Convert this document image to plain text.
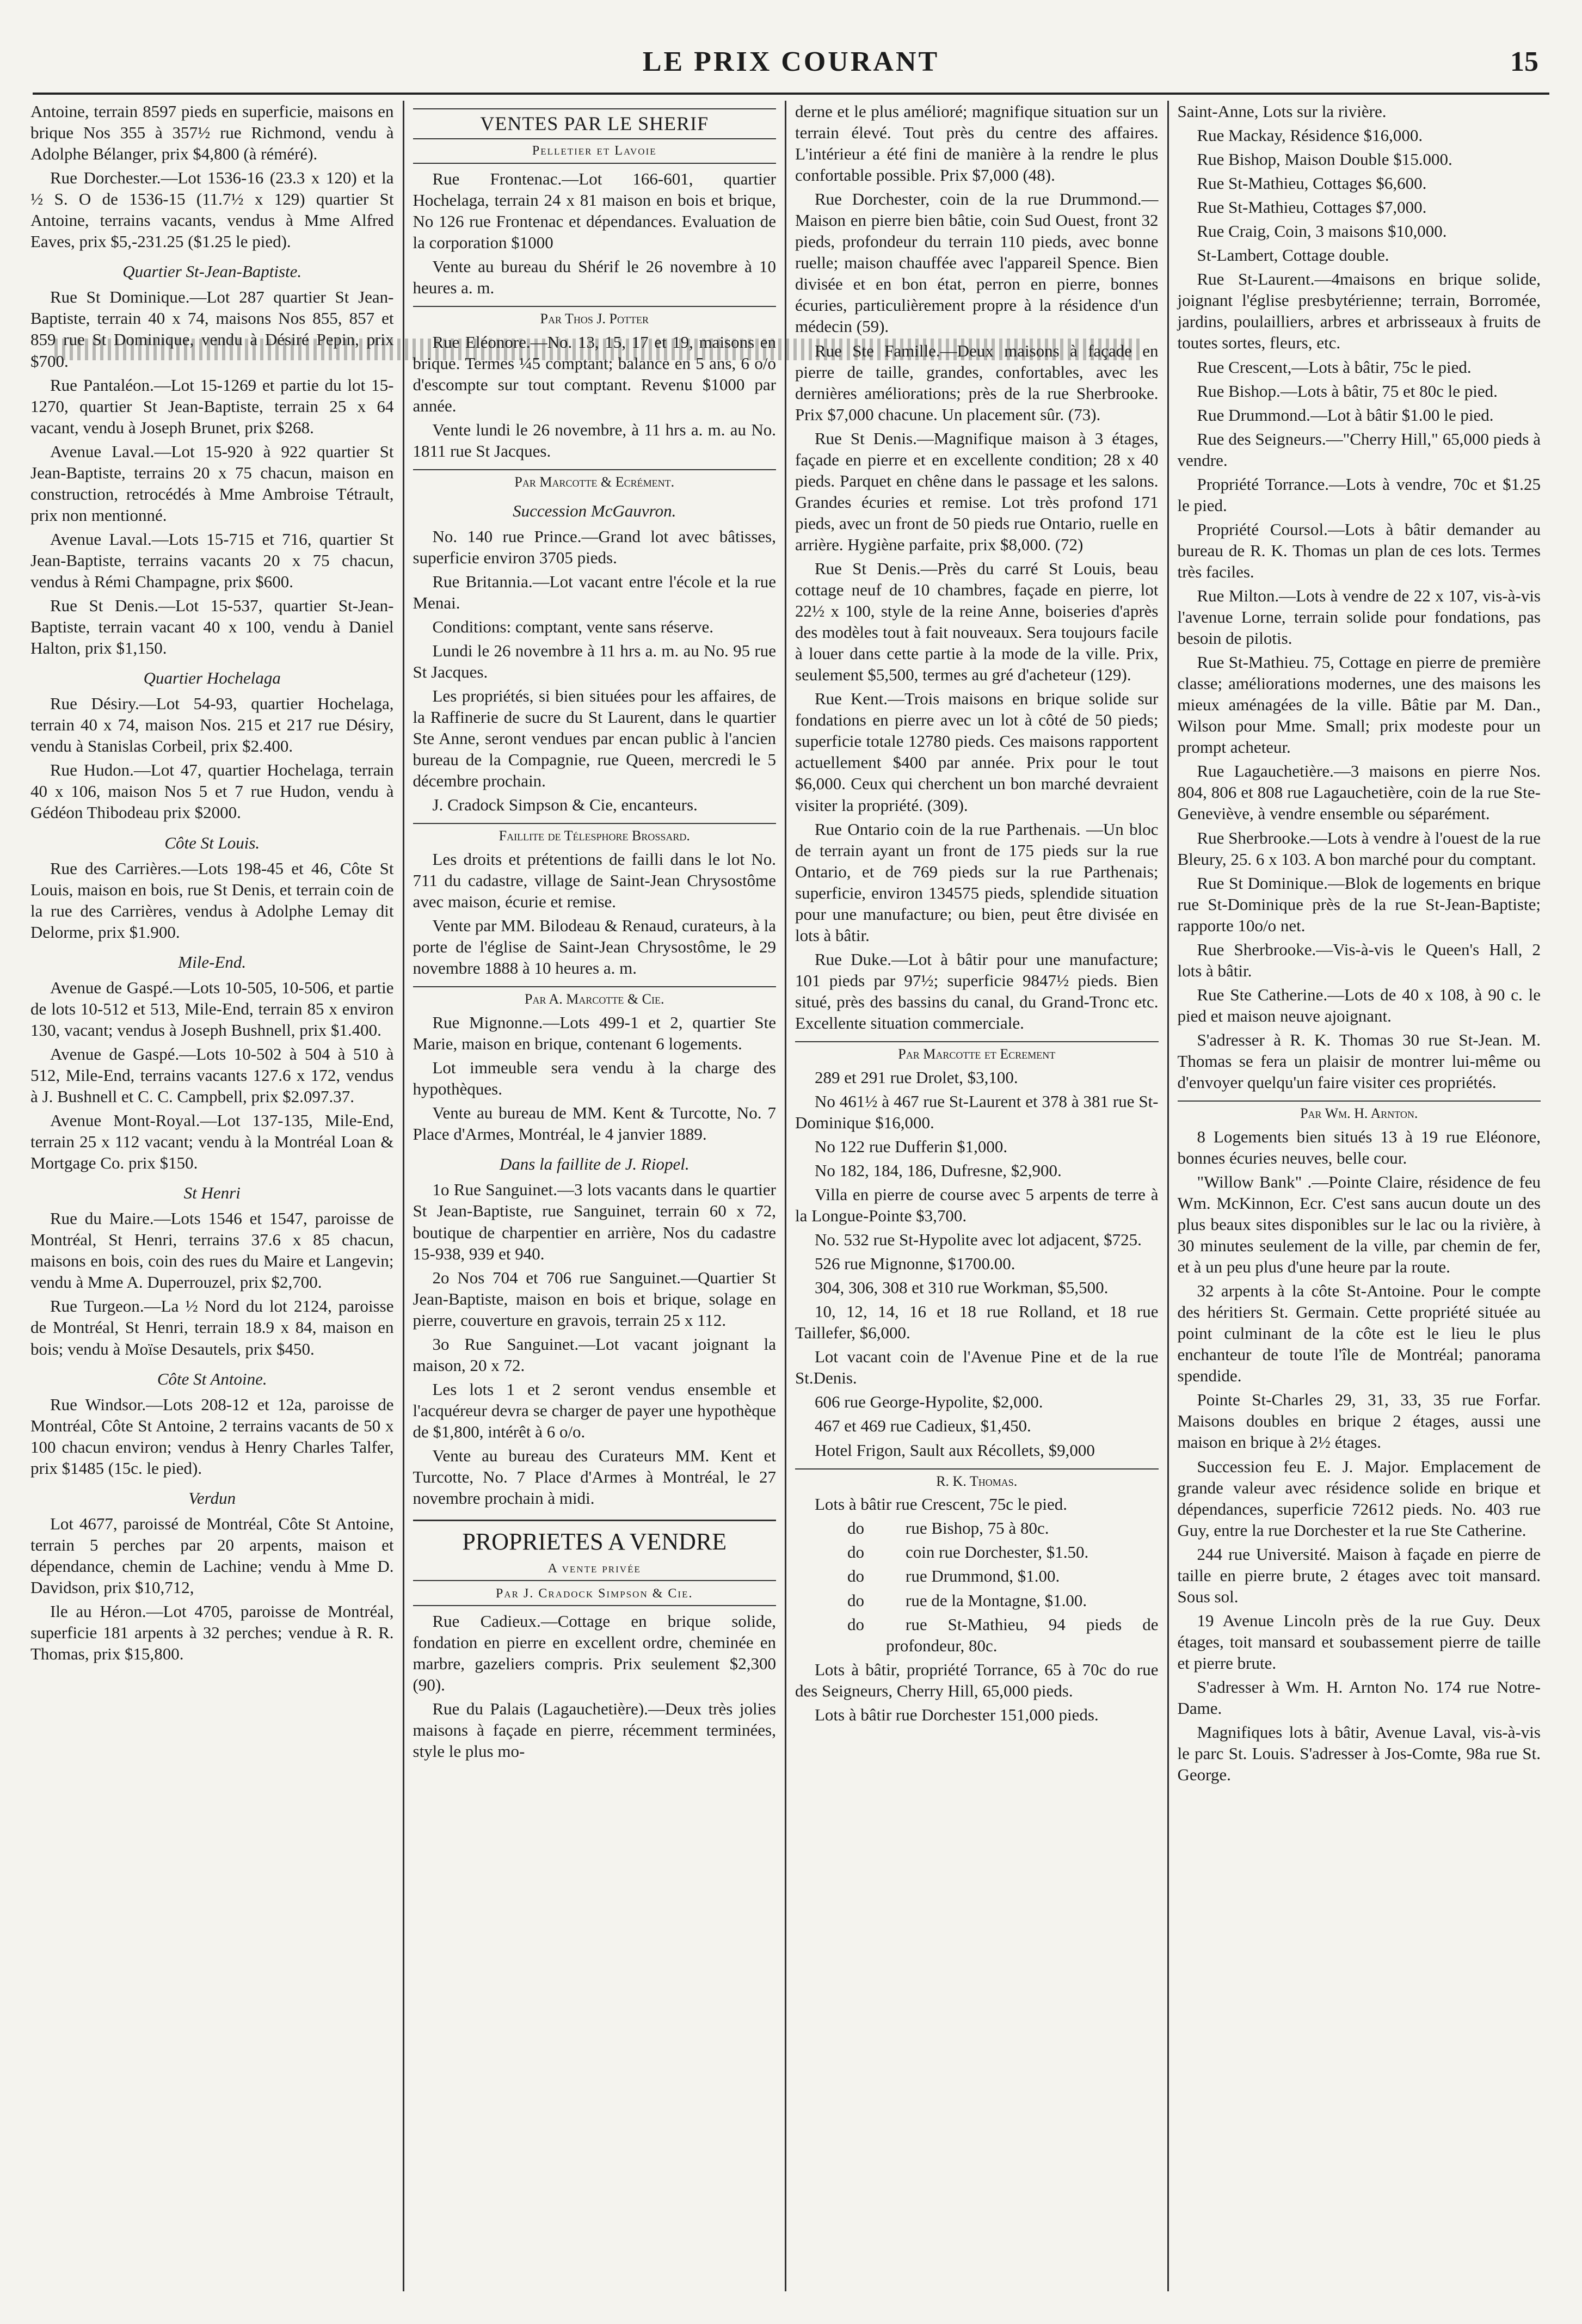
LE PRIX COURANT	15

Antoine, terrain 8597 pieds en superficie, maisons en brique Nos 355 à 357½ rue Richmond, vendu à Adolphe Bélanger, prix $4,800 (à réméré).

Rue Dorchester.—Lot 1536-16 (23.3 x 120) et la ½ S. O de 1536-15 (11.7½ x 129) quartier St Antoine, terrains vacants, vendus à Mme Alfred Eaves, prix $5,-231.25 ($1.25 le pied).

Quartier St-Jean-Baptiste.

Rue St Dominique.—Lot 287 quartier St Jean-Baptiste, terrain 40 x 74, maisons Nos 855, 857 et 859 rue St Dominique, vendu à Désiré Pepin, prix $700.

Rue Pantaléon.—Lot 15-1269 et partie du lot 15-1270, quartier St Jean-Baptiste, terrain 25 x 64 vacant, vendu à Joseph Brunet, prix $268.

Avenue Laval.—Lot 15-920 à 922 quartier St Jean-Baptiste, terrains 20 x 75 chacun, maison en construction, retrocédés à Mme Ambroise Tétrault, prix non mentionné.

Avenue Laval.—Lots 15-715 et 716, quartier St Jean-Baptiste, terrains vacants 20 x 75 chacun, vendus à Rémi Champagne, prix $600.

Rue St Denis.—Lot 15-537, quartier St-Jean-Baptiste, terrain vacant 40 x 100, vendu à Daniel Halton, prix $1,150.

Quartier Hochelaga

Rue Désiry.—Lot 54-93, quartier Hochelaga, terrain 40 x 74, maison Nos. 215 et 217 rue Désiry, vendu à Stanislas Corbeil, prix $2.400.

Rue Hudon.—Lot 47, quartier Hochelaga, terrain 40 x 106, maison Nos 5 et 7 rue Hudon, vendu à Gédéon Thibodeau prix $2000.

Côte St Louis.

Rue des Carrières.—Lots 198-45 et 46, Côte St Louis, maison en bois, rue St Denis, et terrain coin de la rue des Carrières, vendus à Adolphe Lemay dit Delorme, prix $1.900.

Mile-End.

Avenue de Gaspé.—Lots 10-505, 10-506, et partie de lots 10-512 et 513, Mile-End, terrain 85 x environ 130, vacant; vendus à Joseph Bushnell, prix $1.400.

Avenue de Gaspé.—Lots 10-502 à 504 à 510 à 512, Mile-End, terrains vacants 127.6 x 172, vendus à J. Bushnell et C. C. Campbell, prix $2.097.37.

Avenue Mont-Royal.—Lot 137-135, Mile-End, terrain 25 x 112 vacant; vendu à la Montréal Loan & Mortgage Co. prix $150.

St Henri

Rue du Maire.—Lots 1546 et 1547, paroisse de Montréal, St Henri, terrains 37.6 x 85 chacun, maisons en bois, coin des rues du Maire et Langevin; vendu à Mme A. Duperrouzel, prix $2,700.

Rue Turgeon.—La ½ Nord du lot 2124, paroisse de Montréal, St Henri, terrain 18.9 x 84, maison en bois; vendu à Moïse Desautels, prix $450.

Côte St Antoine.

Rue Windsor.—Lots 208-12 et 12a, paroisse de Montréal, Côte St Antoine, 2 terrains vacants de 50 x 100 chacun environ; vendus à Henry Charles Talfer, prix $1485 (15c. le pied).

Verdun

Lot 4677, paroissé de Montréal, Côte St Antoine, terrain 5 perches par 20 arpents, maison et dépendance, chemin de Lachine; vendu à Mme D. Davidson, prix $10,712,

Ile au Héron.—Lot 4705, paroisse de Montréal, superficie 181 arpents à 32 perches; vendue à R. R. Thomas, prix $15,800.

VENTES PAR LE SHERIF
Pelletier et Lavoie

Rue Frontenac.—Lot 166-601, quartier Hochelaga, terrain 24 x 81 maison en bois et brique, No 126 rue Frontenac et dépendances. Evaluation de la corporation $1000

Vente au bureau du Shérif le 26 novembre à 10 heures a. m.

Par Thos J. Potter

Rue Eléonore.—No. 13, 15, 17 et 19, maisons en brique. Termes ¼5 comptant; balance en 5 ans, 6 o/o d'escompte sur tout comptant. Revenu $1000 par année.

Vente lundi le 26 novembre, à 11 hrs a. m. au No. 1811 rue St Jacques.

Par Marcotte & Ecrément.
Succession McGauvron.

No. 140 rue Prince.—Grand lot avec bâtisses, superficie environ 3705 pieds.

Rue Britannia.—Lot vacant entre l'école et la rue Menai.

Conditions: comptant, vente sans réserve.

Lundi le 26 novembre à 11 hrs a. m. au No. 95 rue St Jacques.

Les propriétés, si bien situées pour les affaires, de la Raffinerie de sucre du St Laurent, dans le quartier Ste Anne, seront vendues par encan public à l'ancien bureau de la Compagnie, rue Queen, mercredi le 5 décembre prochain.

J. Cradock Simpson & Cie, encanteurs.

Faillite de Télesphore Brossard.

Les droits et prétentions de failli dans le lot No. 711 du cadastre, village de Saint-Jean Chrysostôme avec maison, écurie et remise.

Vente par MM. Bilodeau & Renaud, curateurs, à la porte de l'église de Saint-Jean Chrysostôme, le 29 novembre 1888 à 10 heures a. m.

Par A. Marcotte & Cie.

Rue Mignonne.—Lots 499-1 et 2, quartier Ste Marie, maison en brique, contenant 6 logements.

Lot immeuble sera vendu à la charge des hypothèques.

Vente au bureau de MM. Kent & Turcotte, No. 7 Place d'Armes, Montréal, le 4 janvier 1889.

Dans la faillite de J. Riopel.

1o Rue Sanguinet.—3 lots vacants dans le quartier St Jean-Baptiste, rue Sanguinet, terrain 60 x 72, boutique de charpentier en arrière, Nos du cadastre 15-938, 939 et 940.

2o Nos 704 et 706 rue Sanguinet.—Quartier St Jean-Baptiste, maison en bois et brique, solage en pierre, couverture en gravois, terrain 25 x 112.

3o Rue Sanguinet.—Lot vacant joignant la maison, 20 x 72.

Les lots 1 et 2 seront vendus ensemble et l'acquéreur devra se charger de payer une hypothèque de $1,800, intérêt à 6 o/o.

Vente au bureau des Curateurs MM. Kent et Turcotte, No. 7 Place d'Armes à Montréal, le 27 novembre prochain à midi.

PROPRIETES A VENDRE
A vente privée
Par J. Cradock Simpson & Cie.

Rue Cadieux.—Cottage en brique solide, fondation en pierre en excellent ordre, cheminée en marbre, gazeliers compris. Prix seulement $2,300 (90).

Rue du Palais (Lagauchetière).—Deux très jolies maisons à façade en pierre, récemment terminées, style le plus mo-

derne et le plus amélioré; magnifique situation sur un terrain élevé. Tout près du centre des affaires. L'intérieur a été fini de manière à la rendre le plus confortable possible. Prix $7,000 (48).

Rue Dorchester, coin de la rue Drummond.—Maison en pierre bien bâtie, coin Sud Ouest, front 32 pieds, profondeur du terrain 110 pieds, avec bonne ruelle; maison chauffée avec l'appareil Spence. Bien divisée et en bon état, perron en pierre, bonnes écuries, particulièrement propre à la résidence d'un médecin (59).

Rue Ste Famille.—Deux maisons à façade en pierre de taille, grandes, confortables, avec les dernières améliorations; près de la rue Sherbrooke. Prix $7,000 chacune. Un placement sûr. (73).

Rue St Denis.—Magnifique maison à 3 étages, façade en pierre et en excellente condition; 28 x 40 pieds. Parquet en chêne dans le passage et les salons. Grandes écuries et remise. Lot très profond 171 pieds, avec un front de 50 pieds rue Ontario, ruelle en arrière. Hygiène parfaite, prix $8,000. (72)

Rue St Denis.—Près du carré St Louis, beau cottage neuf de 10 chambres, façade en pierre, lot 22½ x 100, style de la reine Anne, boiseries d'après des modèles tout à fait nouveaux. Sera toujours facile à louer dans cette partie à la mode de la ville. Prix, seulement $5,500, termes au gré d'acheteur (129).

Rue Kent.—Trois maisons en brique solide sur fondations en pierre avec un lot à côté de 50 pieds; superficie totale 12780 pieds. Ces maisons rapportent actuellement $400 par année. Prix pour le tout $6,000. Ceux qui cherchent un bon marché devraient visiter la propriété. (309).

Rue Ontario coin de la rue Parthenais. —Un bloc de terrain ayant un front de 175 pieds sur la rue Ontario, et de 769 pieds sur la rue Parthenais; superficie, environ 134575 pieds, splendide situation pour une manufacture; ou bien, peut être divisée en lots à bâtir.

Rue Duke.—Lot à bâtir pour une manufacture; 101 pieds par 97½; superficie 9847½ pieds. Bien situé, près des bassins du canal, du Grand-Tronc etc. Excellente situation commerciale.

Par Marcotte et Ecrement

289 et 291 rue Drolet, $3,100.

No 461½ à 467 rue St-Laurent et 378 à 381 rue St-Dominique $16,000.

No 122 rue Dufferin $1,000.

No 182, 184, 186, Dufresne, $2,900.

Villa en pierre de course avec 5 arpents de terre à la Longue-Pointe $3,700.

No. 532 rue St-Hypolite avec lot adjacent, $725.

526 rue Mignonne, $1700.00.

304, 306, 308 et 310 rue Workman, $5,500.

10, 12, 14, 16 et 18 rue Rolland, et 18 rue Taillefer, $6,000.

Lot vacant coin de l'Avenue Pine et de la rue St.Denis.

606 rue George-Hypolite, $2,000.

467 et 469 rue Cadieux, $1,450.

Hotel Frigon, Sault aux Récollets, $9,000

R. K. Thomas.

Lots à bâtir rue Crescent, 75c le pied.

do	rue Bishop, 75 à 80c.

do	coin rue Dorchester, $1.50.

do	rue Drummond, $1.00.

do	rue de la Montagne, $1.00.

do	rue St-Mathieu, 94 pieds de profondeur, 80c.

Lots à bâtir, propriété Torrance, 65 à 70c do rue des Seigneurs, Cherry Hill, 65,000 pieds.

Lots à bâtir rue Dorchester 151,000 pieds.

Saint-Anne, Lots sur la rivière.

Rue Mackay, Résidence $16,000.

Rue Bishop, Maison Double $15.000.

Rue St-Mathieu, Cottages $6,600.

Rue St-Mathieu, Cottages $7,000.

Rue Craig, Coin, 3 maisons $10,000.

St-Lambert, Cottage double.

Rue St-Laurent.—4maisons en brique solide, joignant l'église presbytérienne; terrain, Borromée, jardins, poulailliers, arbres et arbrisseaux à fruits de toutes sortes, fleurs, etc.

Rue Crescent,—Lots à bâtir, 75c le pied.

Rue Bishop.—Lots à bâtir, 75 et 80c le pied.

Rue Drummond.—Lot à bâtir $1.00 le pied.

Rue des Seigneurs.—"Cherry Hill," 65,000 pieds à vendre.

Propriété Torrance.—Lots à vendre, 70c et $1.25 le pied.

Propriété Coursol.—Lots à bâtir demander au bureau de R. K. Thomas un plan de ces lots. Termes très faciles.

Rue Milton.—Lots à vendre de 22 x 107, vis-à-vis l'avenue Lorne, terrain solide pour fondations, pas besoin de pilotis.

Rue St-Mathieu. 75, Cottage en pierre de première classe; améliorations modernes, une des maisons les mieux aménagées de la ville. Bâtie par M. Dan., Wilson pour Mme. Small; prix modeste pour un prompt acheteur.

Rue Lagauchetière.—3 maisons en pierre Nos. 804, 806 et 808 rue Lagauchetière, coin de la rue Ste-Geneviève, à vendre ensemble ou séparément.

Rue Sherbrooke.—Lots à vendre à l'ouest de la rue Bleury, 25. 6 x 103. A bon marché pour du comptant.

Rue St Dominique.—Blok de logements en brique rue St-Dominique près de la rue St-Jean-Baptiste; rapporte 10o/o net.

Rue Sherbrooke.—Vis-à-vis le Queen's Hall, 2 lots à bâtir.

Rue Ste Catherine.—Lots de 40 x 108, à 90 c. le pied et maison neuve ajoignant.

S'adresser à R. K. Thomas 30 rue St-Jean. M. Thomas se fera un plaisir de montrer lui-même ou d'envoyer quelqu'un faire visiter ces propriétés.

Par Wm. H. Arnton.

8 Logements bien situés 13 à 19 rue Eléonore, bonnes écuries neuves, belle cour.

"Willow Bank" .—Pointe Claire, résidence de feu Wm. McKinnon, Ecr. C'est sans aucun doute un des plus beaux sites disponibles sur le lac ou la rivière, à 30 minutes seulement de la ville, par chemin de fer, et à un peu plus d'une heure par la route.

32 arpents à la côte St-Antoine. Pour le compte des héritiers St. Germain. Cette propriété située au point culminant de la côte est le lieu le plus enchanteur de toute l'île de Montréal; panorama spendide.

Pointe St-Charles 29, 31, 33, 35 rue Forfar. Maisons doubles en brique 2 étages, aussi une maison en brique à 2½ étages.

Succession feu E. J. Major. Emplacement de grande valeur avec résidence solide en brique et dépendances, superficie 72612 pieds. No. 403 rue Guy, entre la rue Dorchester et la rue Ste Catherine.

244 rue Université. Maison à façade en pierre de taille en pierre brute, 2 étages avec toit mansard. Sous sol.

19 Avenue Lincoln près de la rue Guy. Deux étages, toit mansard et soubassement pierre de taille et pierre brute.

S'adresser à Wm. H. Arnton No. 174 rue Notre-Dame.

Magnifiques lots à bâtir, Avenue Laval, vis-à-vis le parc St. Louis. S'adresser à Jos-Comte, 98a rue St. George.
